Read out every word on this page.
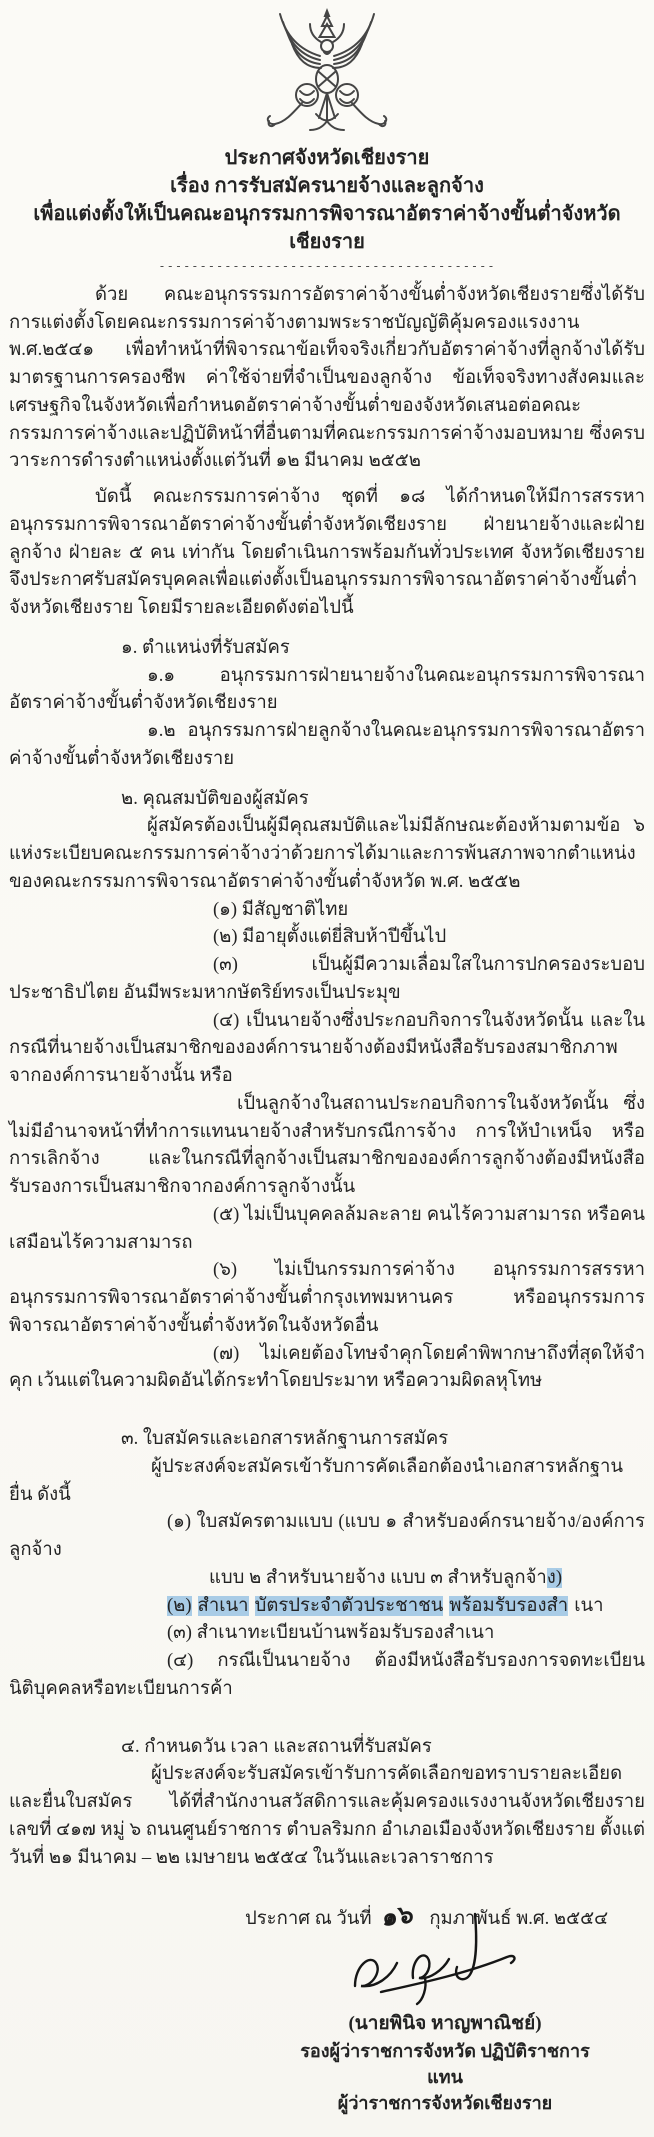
ประกาศจังหวัดเชียงราย

เรื่อง การรับสมัครนายจ้างและลูกจ้าง

เพื่อแต่งตั้งให้เป็นคณะอนุกรรมการพิจารณาอัตราค่าจ้างขั้นต่ำจังหวัดเชียงราย

-----------------------------------------

ด้วย คณะอนุกรรรมการอัตราค่าจ้างขั้นต่ำจังหวัดเชียงรายซึ่งได้รับการแต่งตั้งโดยคณะกรรมการค่าจ้างตามพระราชบัญญัติคุ้มครองแรงงาน พ.ศ.๒๕๔๑ เพื่อทำหน้าที่พิจารณาข้อเท็จจริงเกี่ยวกับอัตราค่าจ้างที่ลูกจ้างได้รับ มาตรฐานการครองชีพ ค่าใช้จ่ายที่จำเป็นของลูกจ้าง ข้อเท็จจริงทางสังคมและเศรษฐกิจในจังหวัดเพื่อกำหนดอัตราค่าจ้างขั้นต่ำของจังหวัดเสนอต่อคณะกรรมการค่าจ้างและปฏิบัติหน้าที่อื่นตามที่คณะกรรมการค่าจ้างมอบหมาย ซึ่งครบวาระการดำรงตำแหน่งตั้งแต่วันที่ ๑๒ มีนาคม ๒๕๕๒

บัดนี้ คณะกรรมการค่าจ้าง ชุดที่ ๑๘ ได้กำหนดให้มีการสรรหาอนุกรรมการพิจารณาอัตราค่าจ้างขั้นต่ำจังหวัดเชียงราย ฝ่ายนายจ้างและฝ่ายลูกจ้าง ฝ่ายละ ๕ คน เท่ากัน โดยดำเนินการพร้อมกันทั่วประเทศ จังหวัดเชียงรายจึงประกาศรับสมัครบุคคลเพื่อแต่งตั้งเป็นอนุกรรมการพิจารณาอัตราค่าจ้างขั้นต่ำจังหวัดเชียงราย โดยมีรายละเอียดดังต่อไปนี้

๑. ตำแหน่งที่รับสมัคร

๑.๑ อนุกรรมการฝ่ายนายจ้างในคณะอนุกรรมการพิจารณาอัตราค่าจ้างขั้นต่ำจังหวัดเชียงราย

๑.๒ อนุกรรมการฝ่ายลูกจ้างในคณะอนุกรรมการพิจารณาอัตราค่าจ้างขั้นต่ำจังหวัดเชียงราย

๒. คุณสมบัติของผู้สมัคร

ผู้สมัครต้องเป็นผู้มีคุณสมบัติและไม่มีลักษณะต้องห้ามตามข้อ ๖ แห่งระเบียบคณะกรรมการค่าจ้างว่าด้วยการได้มาและการพ้นสภาพจากตำแหน่งของคณะกรรมการพิจารณาอัตราค่าจ้างขั้นต่ำจังหวัด พ.ศ. ๒๕๕๒

(๑) มีสัญชาติไทย

(๒) มีอายุตั้งแต่ยี่สิบห้าปีขึ้นไป

(๓) เป็นผู้มีความเลื่อมใสในการปกครองระบอบประชาธิปไตย อันมีพระมหากษัตริย์ทรงเป็นประมุข

(๔) เป็นนายจ้างซึ่งประกอบกิจการในจังหวัดนั้น และในกรณีที่นายจ้างเป็นสมาชิกขององค์การนายจ้างต้องมีหนังสือรับรองสมาชิกภาพจากองค์การนายจ้างนั้น หรือ

เป็นลูกจ้างในสถานประกอบกิจการในจังหวัดนั้น ซึ่งไม่มีอำนาจหน้าที่ทำการแทนนายจ้างสำหรับกรณีการจ้าง การให้บำเหน็จ หรือการเลิกจ้าง และในกรณีที่ลูกจ้างเป็นสมาชิกขององค์การลูกจ้างต้องมีหนังสือรับรองการเป็นสมาชิกจากองค์การลูกจ้างนั้น

(๕) ไม่เป็นบุคคลล้มละลาย คนไร้ความสามารถ หรือคนเสมือนไร้ความสามารถ

(๖) ไม่เป็นกรรมการค่าจ้าง อนุกรรมการสรรหา อนุกรรมการพิจารณาอัตราค่าจ้างขั้นต่ำกรุงเทพมหานคร หรืออนุกรรมการพิจารณาอัตราค่าจ้างขั้นต่ำจังหวัดในจังหวัดอื่น

(๗) ไม่เคยต้องโทษจำคุกโดยคำพิพากษาถึงที่สุดให้จำคุก เว้นแต่ในความผิดอันได้กระทำโดยประมาท หรือความผิดลหุโทษ

๓. ใบสมัครและเอกสารหลักฐานการสมัคร

ผู้ประสงค์จะสมัครเข้ารับการคัดเลือกต้องนำเอกสารหลักฐานยื่น ดังนี้

(๑) ใบสมัครตามแบบ (แบบ ๑ สำหรับองค์กรนายจ้าง/องค์การลูกจ้าง

แบบ ๒ สำหรับนายจ้าง แบบ ๓ สำหรับลูกจ้าง)

(๒) สำเนา บัตรประจำตัวประชาชน พร้อมรับรองสำ เนา

(๓) สำเนาทะเบียนบ้านพร้อมรับรองสำเนา

(๔) กรณีเป็นนายจ้าง ต้องมีหนังสือรับรองการจดทะเบียนนิติบุคคลหรือทะเบียนการค้า

๔. กำหนดวัน เวลา และสถานที่รับสมัคร

ผู้ประสงค์จะรับสมัครเข้ารับการคัดเลือกขอทราบรายละเอียดและยื่นใบสมัคร ได้ที่สำนักงานสวัสดิการและคุ้มครองแรงงานจังหวัดเชียงราย เลขที่ ๔๑๗ หมู่ ๖ ถนนศูนย์ราชการ ตำบลริมกก อำเภอเมืองจังหวัดเชียงราย ตั้งแต่วันที่ ๒๑ มีนาคม – ๒๒ เมษายน ๒๕๕๔ ในวันและเวลาราชการ

ประกาศ ณ วันที่ ๑๖ กุมภาพันธ์ พ.ศ. ๒๕๕๔

(นายพินิจ หาญพาณิชย์)
รองผู้ว่าราชการจังหวัด ปฏิบัติราชการแทน
ผู้ว่าราชการจังหวัดเชียงราย
